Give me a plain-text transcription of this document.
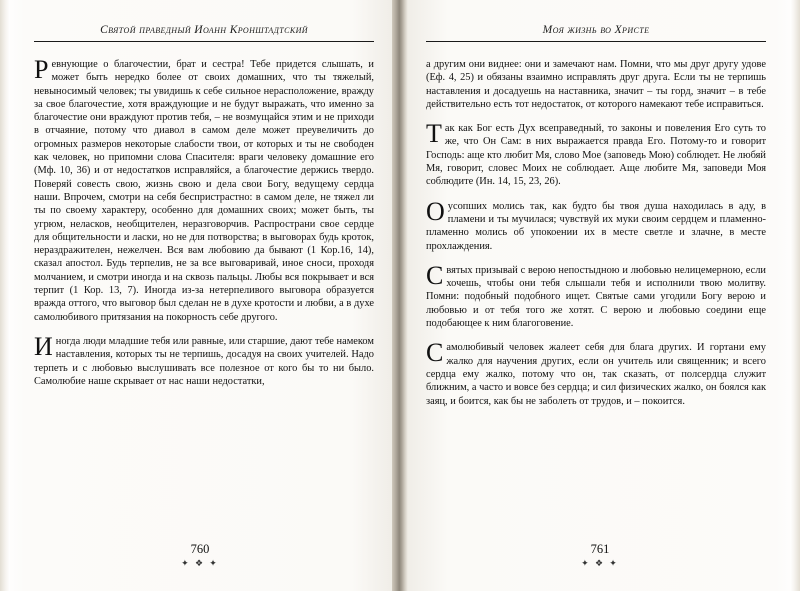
Святой праведный Иоанн Кронштадтский

Ревнующие о благочестии, брат и сестра! Тебе придется слышать, и может быть нередко более от своих домашних, что ты тяжелый, невыносимый человек; ты увидишь к себе сильное нерасположение, вражду за свое благочестие, хотя враждующие и не будут выражать, что именно за благочестие они враждуют против тебя, – не возмущайся этим и не приходи в отчаяние, потому что диавол в самом деле может преувеличить до огромных размеров некоторые слабости твои, от которых и ты не свободен как человек, но припомни слова Спасителя: враги человеку домашние его (Мф. 10, 36) и от недостатков исправляйся, а благочестие держись твердо. Поверяй совесть свою, жизнь свою и дела свои Богу, ведущему сердца наши. Впрочем, смотри на себя беспристрастно: в самом деле, не тяжел ли ты по своему характеру, особенно для домашних своих; может быть, ты угрюм, неласков, необщителен, неразговорчив. Распространи свое сердце для общительности и ласки, но не для потворства; в выговорах будь кроток, нераздражителен, нежелчен. Вся вам любовию да бывают (1 Кор.16, 14), сказал апостол. Будь терпелив, не за все выговаривай, иное сноси, проходя молчанием, и смотри иногда и на сквозь пальцы. Любы вся покрывает и вся терпит (1 Кор. 13, 7). Иногда из-за нетерпеливого выговора образуется вражда оттого, что выговор был сделан не в духе кротости и любви, а в духе самолюбивого притязания на покорность себе другого.

Иногда люди младшие тебя или равные, или старшие, дают тебе намеком наставления, которых ты не терпишь, досадуя на своих учителей. Надо терпеть и с любовью выслушивать все полезное от кого бы то ни было. Самолюбие наше скрывает от нас наши недостатки,

760
✦ ❖ ✦
Моя жизнь во Христе

а другим они виднее: они и замечают нам. Помни, что мы друг другу удове (Еф. 4, 25) и обязаны взаимно исправлять друг друга. Если ты не терпишь наставления и досадуешь на наставника, значит – ты горд, значит – в тебе действительно есть тот недостаток, от которого намекают тебе исправиться.

Так как Бог есть Дух всеправедный, то законы и повеления Его суть то же, что Он Сам: в них выражается правда Его. Потому-то и говорит Господь: аще кто любит Мя, слово Мое (заповедь Мою) соблюдет. Не любяй Мя, говорит, словес Моих не соблюдает. Аще любите Мя, заповеди Моя соблюдите (Ин. 14, 15, 23, 26).

Оусопших молись так, как будто бы твоя душа находилась в аду, в пламени и ты мучилася; чувствуй их муки своим сердцем и пламенно-пламенно молись об упокоении их в месте светле и злачне, в месте прохлаждения.

Святых призывай с верою непостыдною и любовью нелицемерною, если хочешь, чтобы они тебя слышали тебя и исполнили твою молитву. Помни: подобный подобного ищет. Святые сами угодили Богу верою и любовью и от тебя того же хотят. С верою и любовью соедини еще подобающее к ним благоговение.

Самолюбивый человек жалеет себя для блага других. И гортани ему жалко для научения других, если он учитель или священник; и всего сердца ему жалко, потому что он, так сказать, от полсердца служит ближним, а часто и вовсе без сердца; и сил физических жалко, он боялся как заяц, и боится, как бы не заболеть от трудов, и – покоится.

761
✦ ❖ ✦
